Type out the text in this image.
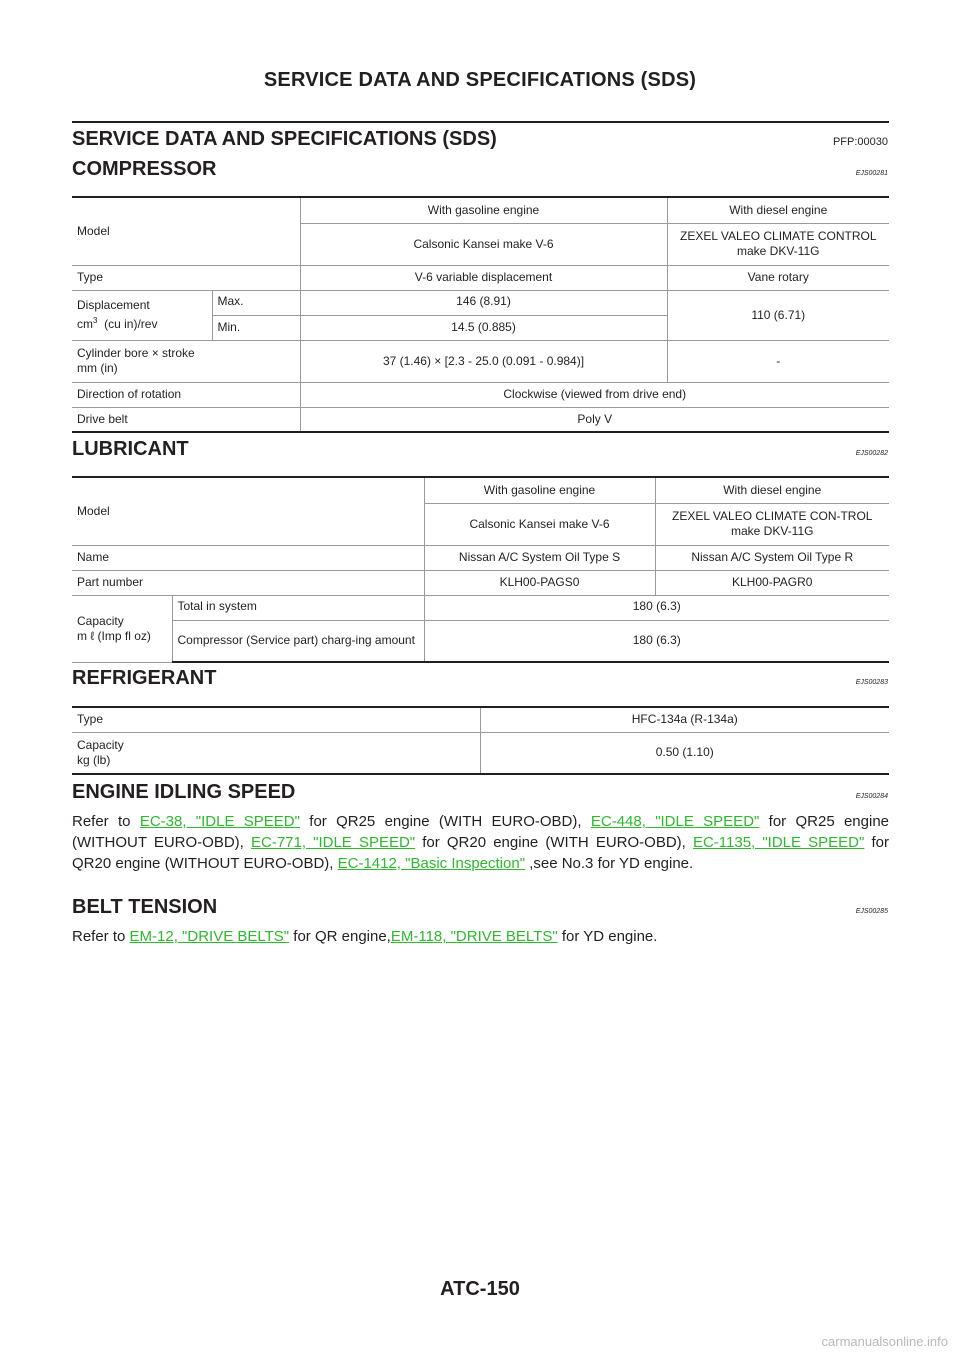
SERVICE DATA AND SPECIFICATIONS (SDS)
SERVICE DATA AND SPECIFICATIONS (SDS)	PFP:00030
COMPRESSOR	EJS00281
Model		With gasoline engine	With diesel engine
		Calsonic Kansei make V-6	ZEXEL VALEO CLIMATE CONTROL make DKV-11G
Type		V-6 variable displacement	Vane rotary
Displacement
$cm^3$ (cu in)/rev	Max.	146 (8.91)	110 (6.71)
	Min.	14.5 (0.885)	
Cylinder bore × stroke
mm (in)		37 (1.46) × [2.3 - 25.0 (0.091 - 0.984)]	-
Direction of rotation		Clockwise (viewed from drive end)	
Drive belt		Poly V	
LUBRICANT	EJS00282
Model		With gasoline engine	With diesel engine
		Calsonic Kansei make V-6	ZEXEL VALEO CLIMATE CON-TROL make DKV-11G
Name		Nissan A/C System Oil Type S	Nissan A/C System Oil Type R
Part number		KLH00-PAGS0	KLH00-PAGR0
Capacity
m ℓ (Imp fl oz)	Total in system	180 (6.3)	
	Compressor (Service part) charg-ing amount	180 (6.3)	
REFRIGERANT	EJS00283
Type	HFC-134a (R-134a)
Capacity
kg (lb)	0.50 (1.10)
ENGINE IDLING SPEED	EJS00284
Refer to EC-38, "IDLE SPEED" for QR25 engine (WITH EURO-OBD), EC-448, "IDLE SPEED" for QR25 engine (WITHOUT EURO-OBD), EC-771, "IDLE SPEED" for QR20 engine (WITH EURO-OBD), EC-1135, "IDLE SPEED" for QR20 engine (WITHOUT EURO-OBD), EC-1412, "Basic Inspection" ,see No.3 for YD engine.
BELT TENSION	EJS00285
Refer to EM-12, "DRIVE BELTS" for QR engine,EM-118, "DRIVE BELTS" for YD engine.
ATC-150
carmanualsonline.info
